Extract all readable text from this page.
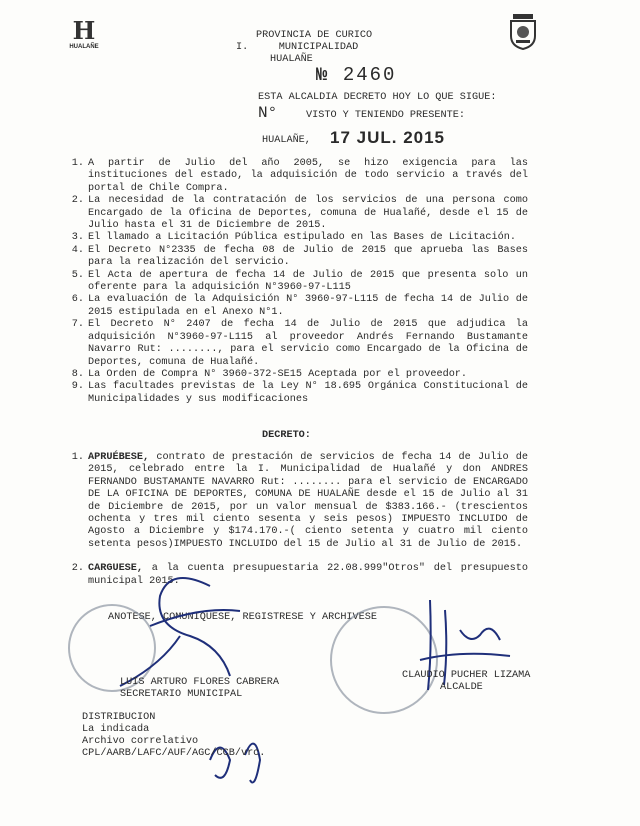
H
HUALAÑE
PROVINCIA DE CURICO
I.     MUNICIPALIDAD
HUALAÑE
№ 2460
ESTA ALCALDIA DECRETO HOY LO QUE SIGUE:
N°	VISTO Y TENIENDO PRESENTE:
HUALAÑE, 17 JUL. 2015
1. A partir de Julio del año 2005, se hizo exigencia para las instituciones del estado, la adquisición de todo servicio a través del portal de Chile Compra.
2. La necesidad de la contratación de los servicios de una persona como Encargado de la Oficina de Deportes, comuna de Hualañé, desde el 15 de Julio hasta el 31 de Diciembre de 2015.
3. El llamado a Licitación Pública estipulado en las Bases de Licitación.
4. El Decreto N°2335 de fecha 08 de Julio de 2015 que aprueba las Bases para la realización del servicio.
5. El Acta de apertura de fecha 14 de Julio de 2015 que presenta solo un oferente para la adquisición N°3960-97-L115
6. La evaluación de la Adquisición N° 3960-97-L115 de fecha 14 de Julio de 2015 estipulada en el Anexo N°1.
7. El Decreto N° 2407 de fecha 14 de Julio de 2015 que adjudica la adquisición N°3960-97-L115 al proveedor Andrés Fernando Bustamante Navarro Rut: ........, para el servicio como Encargado de la Oficina de Deportes, comuna de Hualañé.
8. La Orden de Compra N° 3960-372-SE15 Aceptada por el proveedor.
9. Las facultades previstas de la Ley N° 18.695 Orgánica Constitucional de Municipalidades y sus modificaciones
DECRETO:
1. APRUÉBESE, contrato de prestación de servicios de fecha 14 de Julio de 2015, celebrado entre la I. Municipalidad de Hualañé y don ANDRES FERNANDO BUSTAMANTE NAVARRO Rut: ........ para el servicio de ENCARGADO DE LA OFICINA DE DEPORTES, COMUNA DE HUALAÑE desde el 15 de Julio al 31 de Diciembre de 2015, por un valor mensual de $383.166.- (trescientos ochenta y tres mil ciento sesenta y seis pesos) IMPUESTO INCLUIDO de Agosto a Diciembre y $174.170.-( ciento setenta y cuatro mil ciento setenta pesos)IMPUESTO INCLUIDO del 15 de Julio al 31 de Julio de 2015.
2. CARGUESE, a la cuenta presupuestaria 22.08.999"Otros" del presupuesto municipal 2015.
ANOTESE, COMUNIQUESE, REGISTRESE Y ARCHIVESE
LUIS ARTURO FLORES CABRERA
SECRETARIO MUNICIPAL
CLAUDIO PUCHER LIZAMA
ALCALDE
DISTRIBUCION
La indicada
Archivo correlativo
CPL/AARB/LAFC/AUF/AGC/CCB/vrc.
